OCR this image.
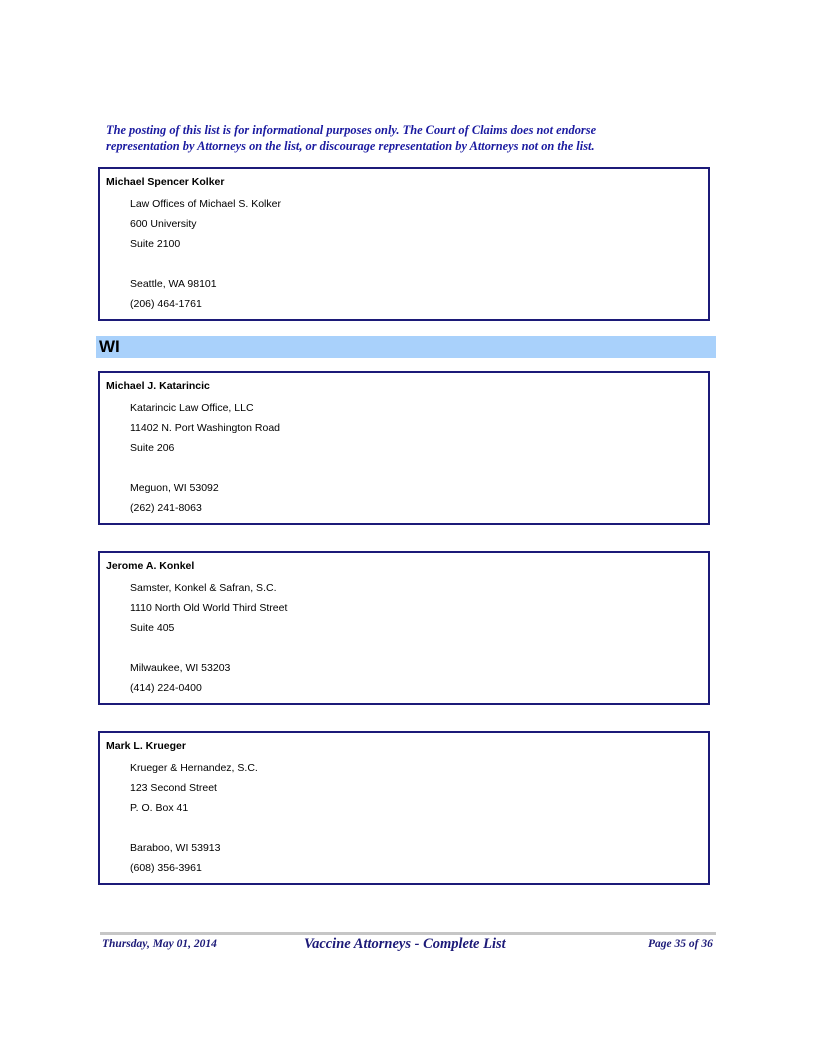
The posting of this list is for informational purposes only. The Court of Claims does not endorse
representation by Attorneys on the list, or discourage representation by Attorneys not on the list.

Michael Spencer Kolker

Law Offices of Michael S. Kolker

600 University

Suite 2100

Seattle, WA 98101

(206) 464-1761

WI

Michael J. Katarincic

Katarincic Law Office, LLC

11402 N. Port Washington Road

Suite 206

Meguon, WI 53092

(262) 241-8063

Jerome A. Konkel

Samster, Konkel & Safran, S.C.

1110 North Old World Third Street

Suite 405

Milwaukee, WI 53203

(414) 224-0400

Mark L. Krueger

Krueger & Hernandez, S.C.

123 Second Street

P. O. Box 41

Baraboo, WI 53913

(608) 356-3961

Thursday, May 01, 2014	Vaccine Attorneys - Complete List	Page 35 of 36
